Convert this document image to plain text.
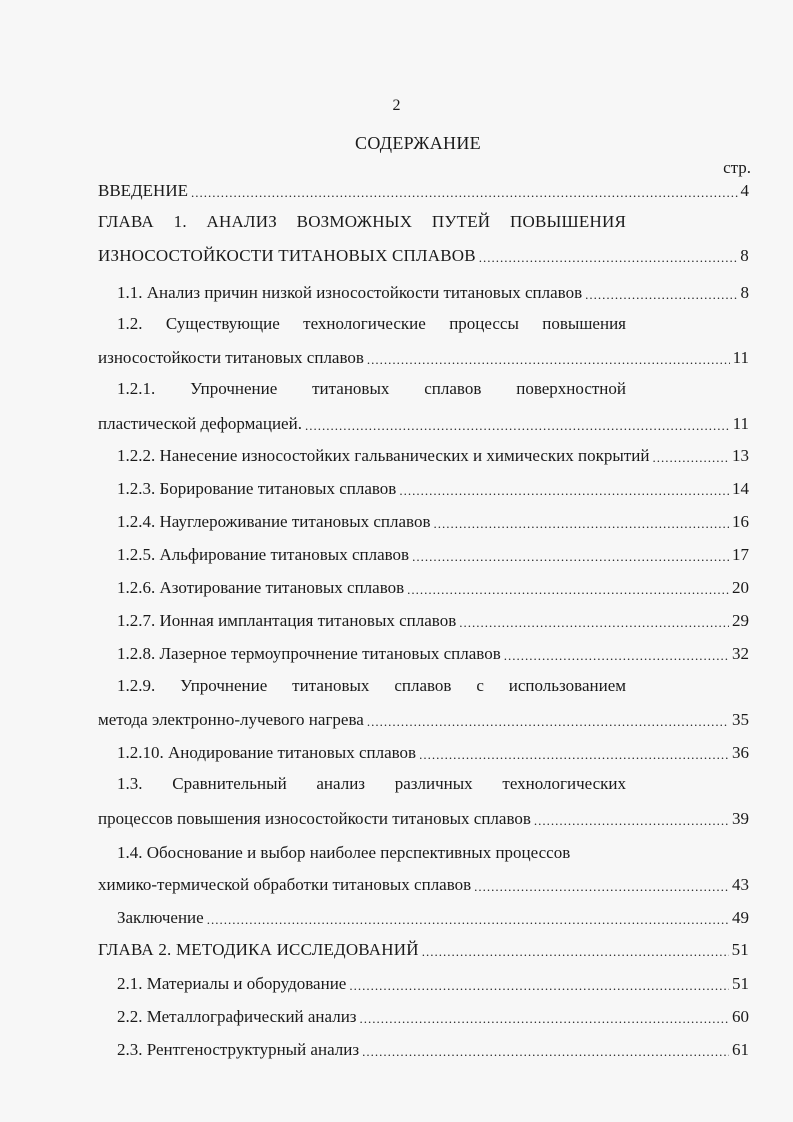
2
СОДЕРЖАНИЕ
стр.
ВВЕДЕНИЕ .....	4
ГЛАВА 1. АНАЛИЗ ВОЗМОЖНЫХ ПУТЕЙ ПОВЫШЕНИЯ
ИЗНОСОСТОЙКОСТИ ТИТАНОВЫХ СПЛАВОВ .....	8
1.1. Анализ причин низкой износостойкости титановых сплавов .....	8
1.2. Существующие технологические процессы повышения
износостойкости титановых сплавов .....	11
1.2.1. Упрочнение титановых сплавов поверхностной
пластической деформацией. .....	11
1.2.2. Нанесение износостойких гальванических и химических покрытий .....	13
1.2.3. Борирование титановых сплавов .....	14
1.2.4. Науглероживание титановых сплавов .....	16
1.2.5. Альфирование титановых сплавов .....	17
1.2.6. Азотирование титановых сплавов .....	20
1.2.7. Ионная имплантация титановых сплавов .....	29
1.2.8. Лазерное термоупрочнение титановых сплавов .....	32
1.2.9. Упрочнение титановых сплавов с использованием
метода электронно-лучевого нагрева .....	35
1.2.10. Анодирование титановых сплавов .....	36
1.3. Сравнительный анализ различных технологических
процессов повышения износостойкости титановых сплавов .....	39
1.4. Обоснование и выбор наиболее перспективных процессов
химико-термической обработки титановых сплавов .....	43
Заключение .....	49
ГЛАВА 2. МЕТОДИКА ИССЛЕДОВАНИЙ .....	51
2.1. Материалы и оборудование .....	51
2.2. Металлографический анализ .....	60
2.3. Рентгеноструктурный анализ .....	61
